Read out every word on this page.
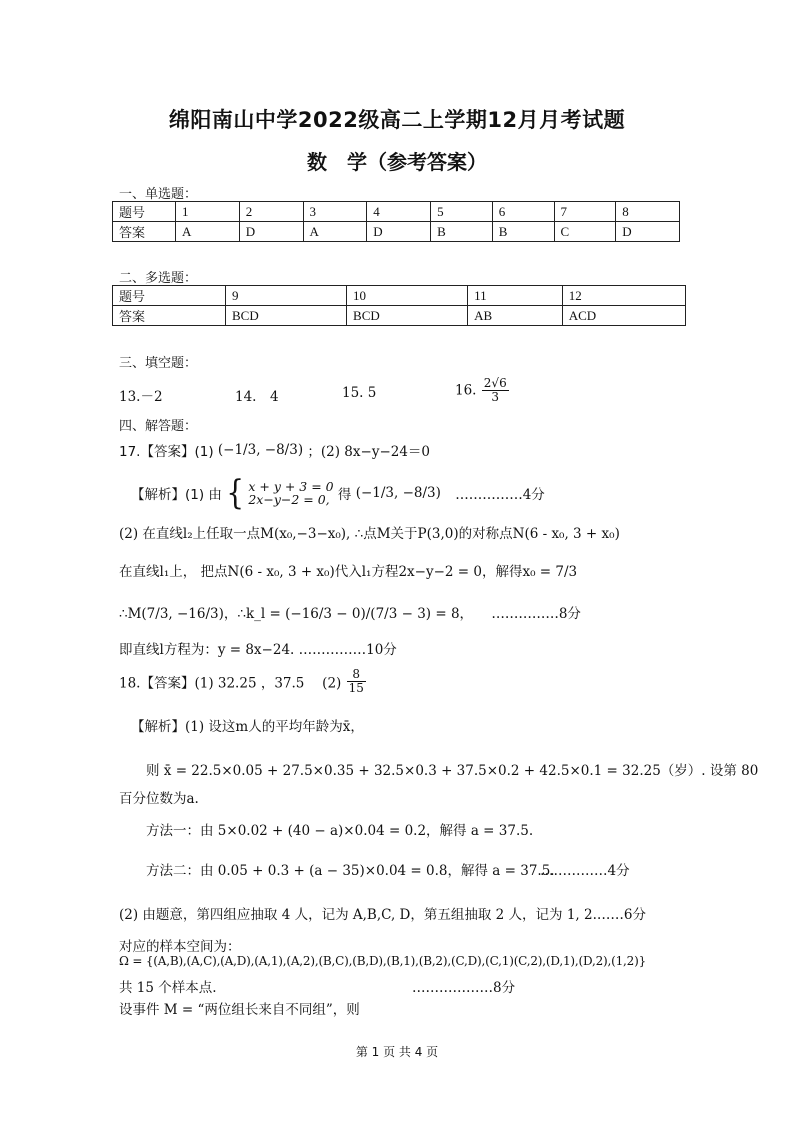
绵阳南山中学2022级高二上学期12月月考试题
数　学（参考答案）
一、单选题：
题号	1	2	3	4	5	6	7	8
答案	A	D	A	D	B	B	C	D
二、多选题：
题号	9	10	11	12
答案	BCD	BCD	AB	ACD
三、填空题：
13.－2	14.　4	15. 5	16. $\frac{2√6}{3}$
四、解答题：
17.【答案】(1) (−1/3, −8/3) ；(2) 8x−y−24＝0
【解析】(1) 由 { x + y + 3 = 0
2x−y−2 = 0, 得 (−1/3, −8/3) ……………4分
(2) 在直线l₂上任取一点M(x₀,−3−x₀), ∴点M关于P(3,0)的对称点N(6 - x₀, 3 + x₀)
在直线l₁上， 把点N(6 - x₀, 3 + x₀)代入l₁方程2x−y−2 = 0，解得x₀ = 7/3
∴M(7/3, −16/3)，∴k_l = (−16/3 − 0)/(7/3 − 3) = 8， ……………8分
即直线l方程为：y = 8x−24. ……………10分
18.【答案】(1) 32.25 ，37.5 　$(2) \frac{8}{15}$
【解析】(1) 设这m人的平均年龄为x̄，
则 x̄ = 22.5×0.05 + 27.5×0.35 + 32.5×0.3 + 37.5×0.2 + 42.5×0.1 = 32.25（岁）. 设第 80
百分位数为a.
方法一：由 5×0.02 + (40 − a)×0.04 = 0.2，解得 a = 37.5.
方法二：由 0.05 + 0.3 + (a − 35)×0.04 = 0.8，解得 a = 37.5.
……………4分
(2) 由题意，第四组应抽取 4 人，记为 A,B,C, D，第五组抽取 2 人，记为 1, 2.……6分
对应的样本空间为：
Ω = {(A,B),(A,C),(A,D),(A,1),(A,2),(B,C),(B,D),(B,1),(B,2),(C,D),(C,1)(C,2),(D,1),(D,2),(1,2)}
共 15 个样本点.	………………8分
设事件 M = “两位组长来自不同组”，则
第 1 页 共 4 页
